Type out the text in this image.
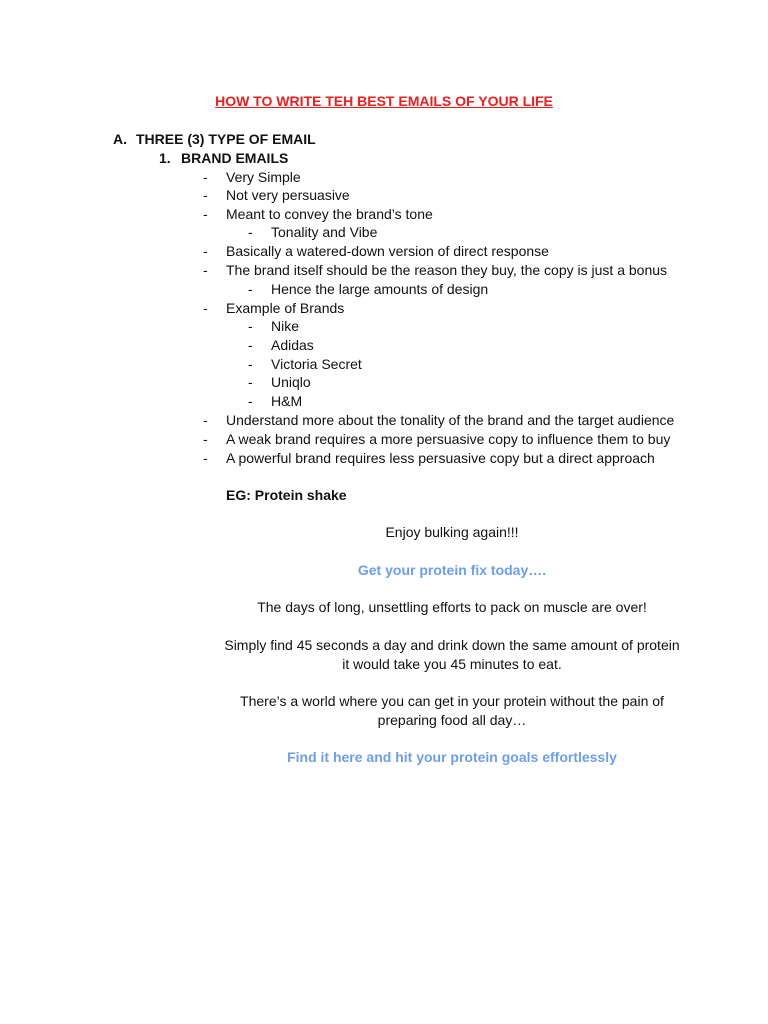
HOW TO WRITE TEH BEST EMAILS OF YOUR LIFE
A. THREE (3) TYPE OF EMAIL
1. BRAND EMAILS
- Very Simple
- Not very persuasive
- Meant to convey the brand’s tone
- Tonality and Vibe
- Basically a watered-down version of direct response
- The brand itself should be the reason they buy, the copy is just a bonus
- Hence the large amounts of design
- Example of Brands
- Nike
- Adidas
- Victoria Secret
- Uniqlo
- H&M
- Understand more about the tonality of the brand and the target audience
- A weak brand requires a more persuasive copy to influence them to buy
- A powerful brand requires less persuasive copy but a direct approach
EG: Protein shake
Enjoy bulking again!!!
Get your protein fix today….
The days of long, unsettling efforts to pack on muscle are over!
Simply find 45 seconds a day and drink down the same amount of protein it would take you 45 minutes to eat.
There’s a world where you can get in your protein without the pain of preparing food all day…
Find it here and hit your protein goals effortlessly
